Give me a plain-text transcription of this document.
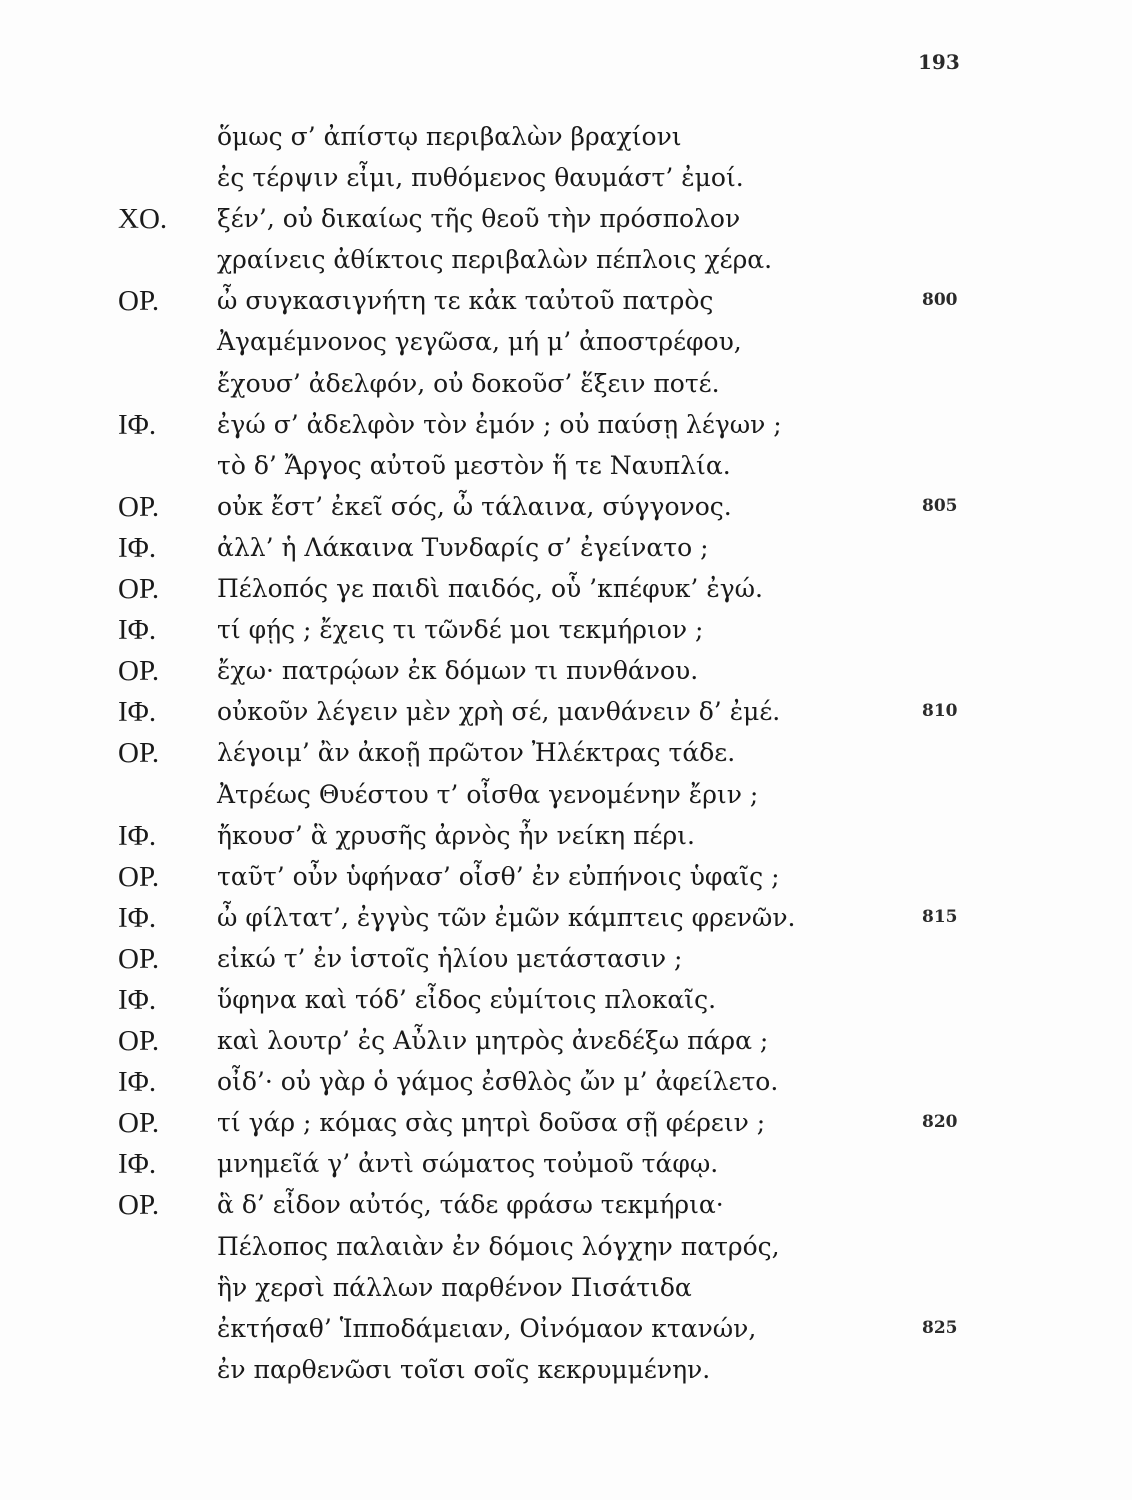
193
ὅμως σ’ ἀπίστῳ περιβαλὼν βραχίονι
ἐς τέρψιν εἶμι, πυθόμενος θαυμάστ’ ἐμοί.
ΧΟ. ξέν’, οὐ δικαίως τῆς θεοῦ τὴν πρόσπολον
χραίνεις ἀθίκτοις περιβαλὼν πέπλοις χέρα.
ΟΡ. ὦ συγκασιγνήτη τε κἀκ ταὐτοῦ πατρὸς	800
Ἀγαμέμνονος γεγῶσα, μή μ’ ἀποστρέφου,
ἔχουσ’ ἀδελφόν, οὐ δοκοῦσ’ ἕξειν ποτέ.
ΙΦ. ἐγώ σ’ ἀδελφὸν τὸν ἐμόν ; οὐ παύσῃ λέγων ;
τὸ δ’ Ἄργος αὐτοῦ μεστὸν ἥ τε Ναυπλία.
ΟΡ. οὐκ ἔστ’ ἐκεῖ σός, ὦ τάλαινα, σύγγονος.	805
ΙΦ. ἀλλ’ ἡ Λάκαινα Τυνδαρίς σ’ ἐγείνατο ;
ΟΡ. Πέλοπός γε παιδὶ παιδός, οὗ ’κπέφυκ’ ἐγώ.
ΙΦ. τί φῄς ; ἔχεις τι τῶνδέ μοι τεκμήριον ;
ΟΡ. ἔχω· πατρῴων ἐκ δόμων τι πυνθάνου.
ΙΦ. οὐκοῦν λέγειν μὲν χρὴ σέ, μανθάνειν δ’ ἐμέ.	810
ΟΡ. λέγοιμ’ ἂν ἀκοῇ πρῶτον Ἠλέκτρας τάδε.
Ἀτρέως Θυέστου τ’ οἶσθα γενομένην ἔριν ;
ΙΦ. ἤκουσ’ ἃ χρυσῆς ἀρνὸς ἦν νείκη πέρι.
ΟΡ. ταῦτ’ οὖν ὑφήνασ’ οἶσθ’ ἐν εὐπήνοις ὑφαῖς ;
ΙΦ. ὦ φίλτατ’, ἐγγὺς τῶν ἐμῶν κάμπτεις φρενῶν.	815
ΟΡ. εἰκώ τ’ ἐν ἱστοῖς ἡλίου μετάστασιν ;
ΙΦ. ὕφηνα καὶ τόδ’ εἶδος εὐμίτοις πλοκαῖς.
ΟΡ. καὶ λουτρ’ ἐς Αὖλιν μητρὸς ἀνεδέξω πάρα ;
ΙΦ. οἶδ’· οὐ γὰρ ὁ γάμος ἐσθλὸς ὤν μ’ ἀφείλετο.
ΟΡ. τί γάρ ; κόμας σὰς μητρὶ δοῦσα σῇ φέρειν ;	820
ΙΦ. μνημεῖά γ’ ἀντὶ σώματος τοὐμοῦ τάφῳ.
ΟΡ. ἃ δ’ εἶδον αὐτός, τάδε φράσω τεκμήρια·
Πέλοπος παλαιὰν ἐν δόμοις λόγχην πατρός,
ἣν χερσὶ πάλλων παρθένον Πισάτιδα
ἐκτήσαθ’ Ἱπποδάμειαν, Οἰνόμαον κτανών,	825
ἐν παρθενῶσι τοῖσι σοῖς κεκρυμμένην.
